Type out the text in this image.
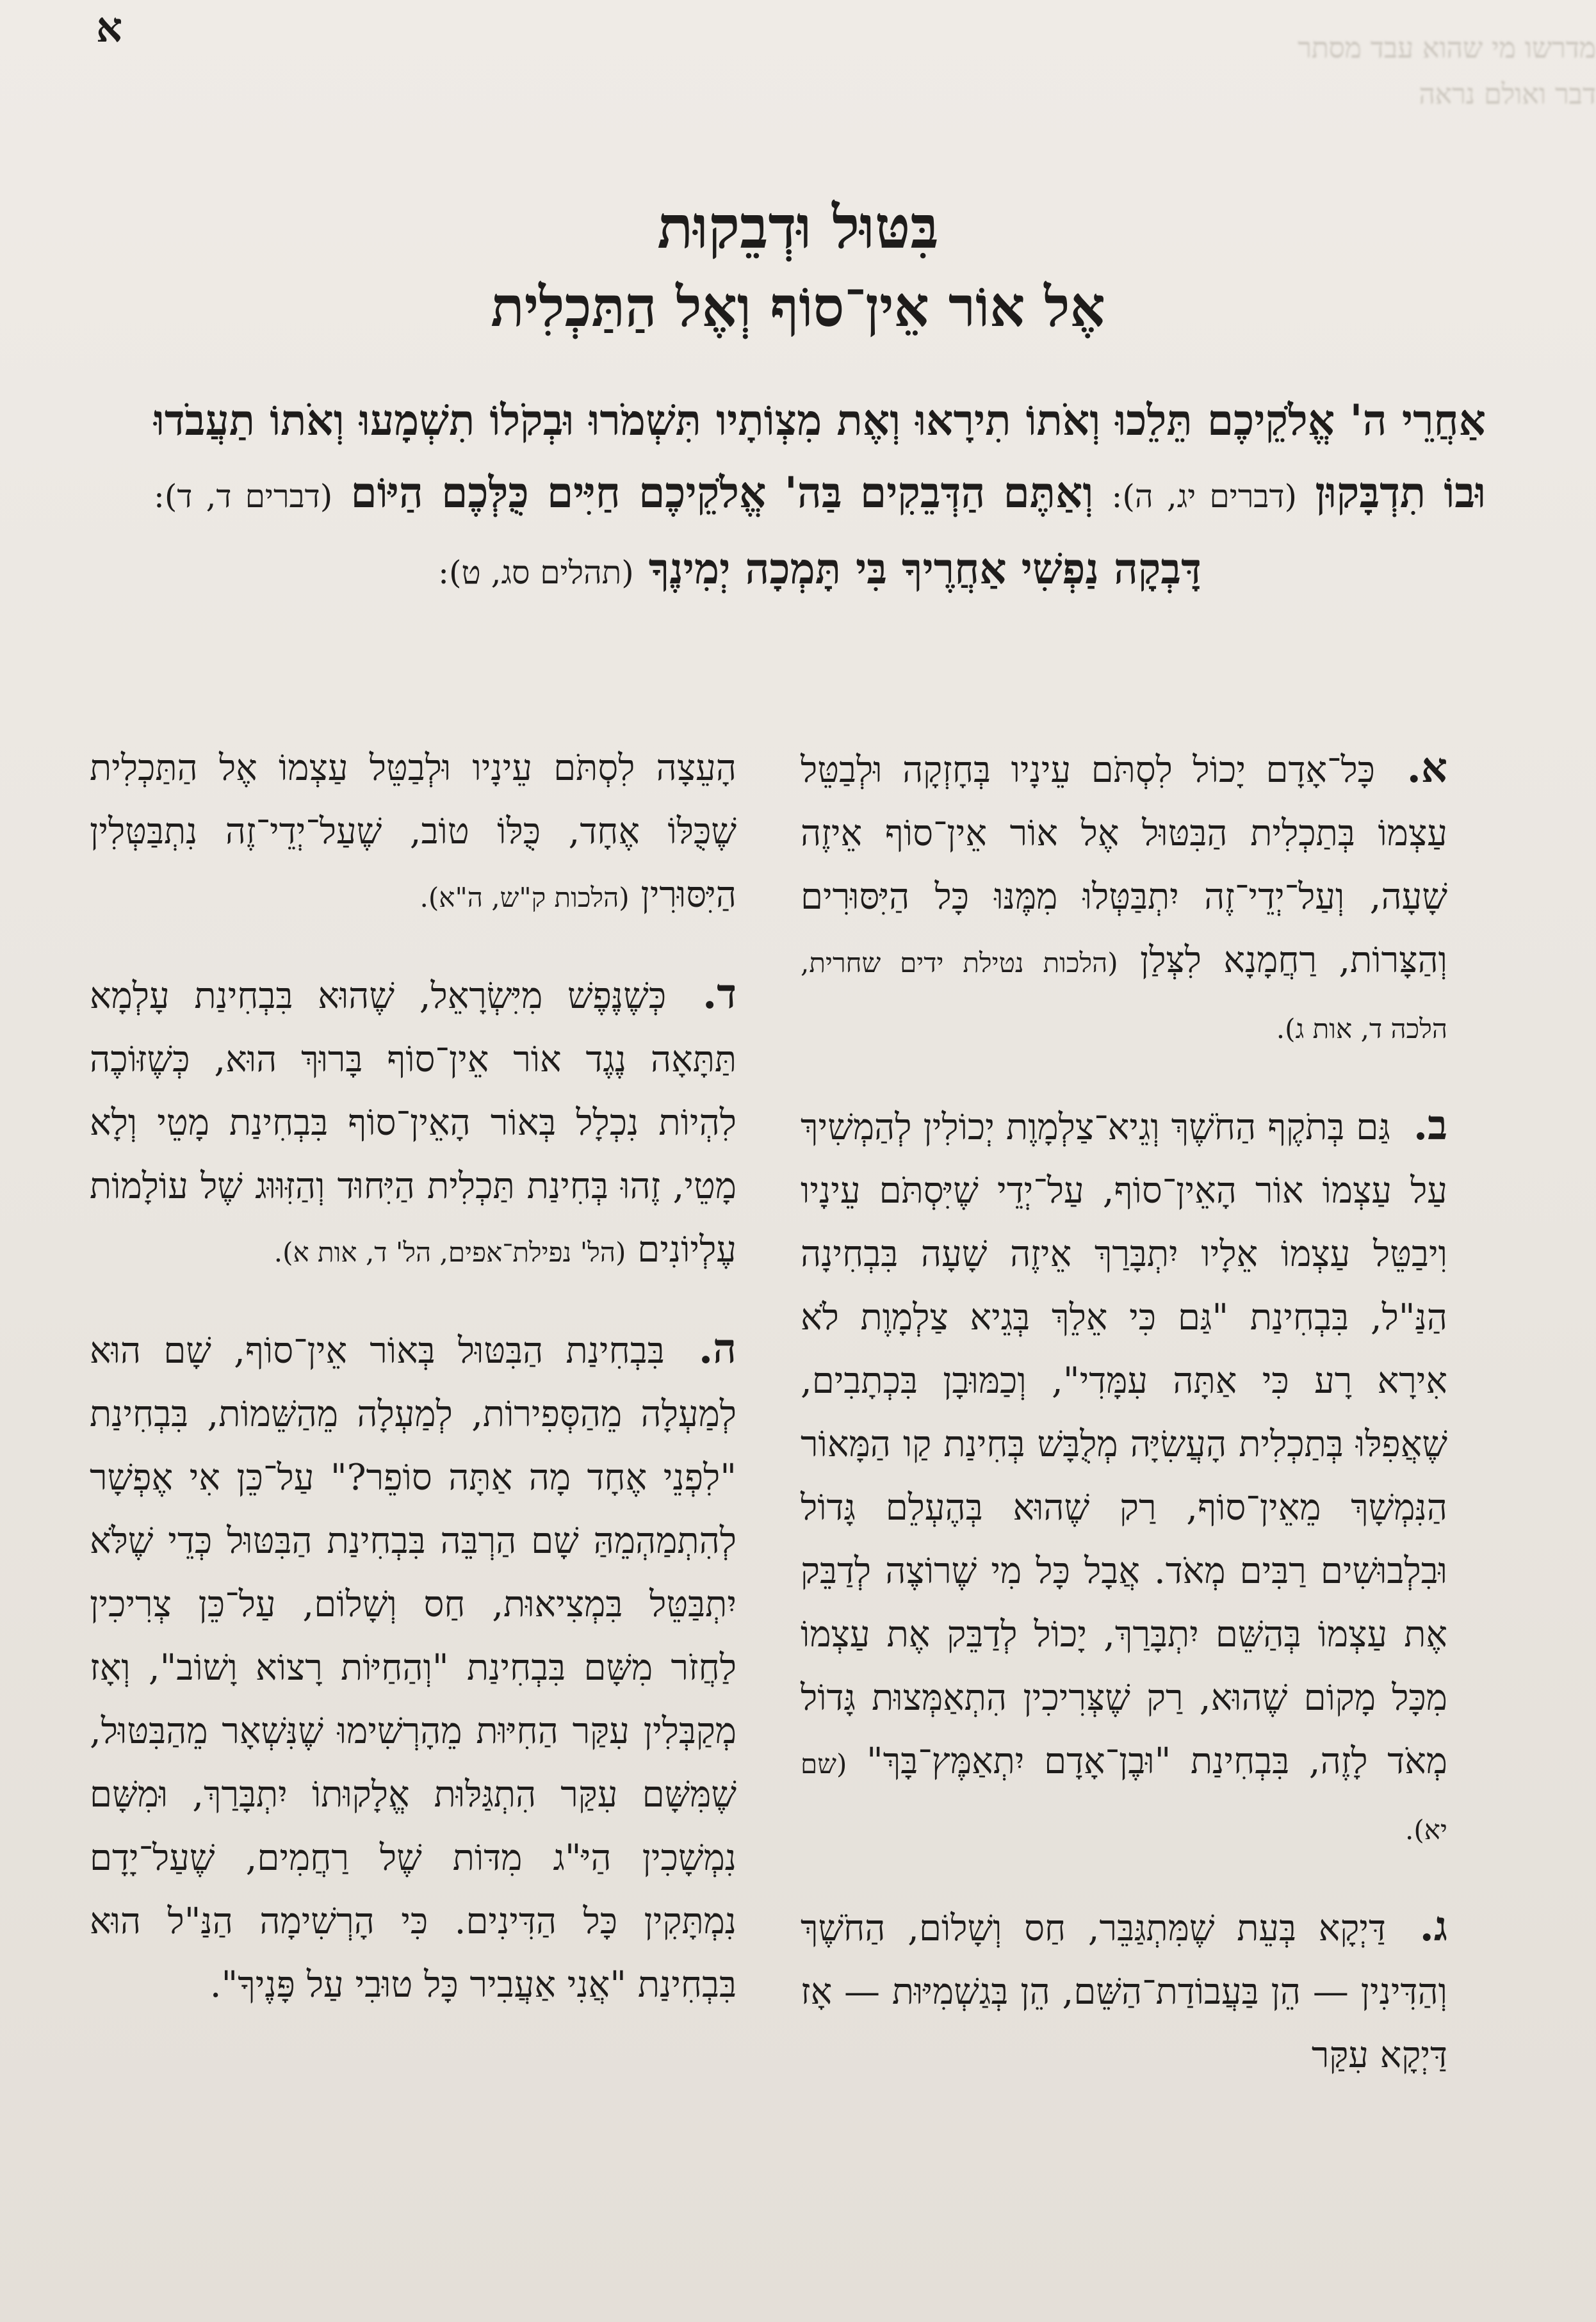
מדרשו מי שהוא עבד מסתר
דבר ואולם נראה
א
בִּטּוּל וּדְבֵקוּת
אֶל אוֹר אֵין־סוֹף וְאֶל הַתַּכְלִית
אַחֲרֵי ה' אֱלֹקֵיכֶם תֵּלֵכוּ וְאֹתוֹ תִירָאוּ וְאֶת מִצְוֹתָיו תִּשְׁמֹרוּ וּבְקֹלוֹ תִשְׁמָעוּ וְאֹתוֹ תַעֲבֹדוּ וּבוֹ תִדְבָּקוּן (דברים יג, ה): וְאַתֶּם הַדְּבֵקִים בַּה' אֱלֹקֵיכֶם חַיִּים כֻּלְּכֶם הַיּוֹם (דברים ד, ד): דָּבְקָה נַפְשִׁי אַחֲרֶיךָ בִּי תָּמְכָה יְמִינֶךָ (תהלים סג, ט):

א. כָּל־אָדָם יָכוֹל לִסְתֹּם עֵינָיו בְּחָזְקָה וּלְבַטֵּל עַצְמוֹ בְּתַכְלִית הַבִּטּוּל אֶל אוֹר אֵין־סוֹף אֵיזֶה שָׁעָה, וְעַל־יְדֵי־זֶה יִתְבַּטְּלוּ מִמֶּנּוּ כָּל הַיִּסּוּרִים וְהַצָּרוֹת, רַחֲמָנָא לִצְּלַן (הלכות נטילת ידים שחרית, הלכה ד, אות ג).

ב. גַּם בְּתֹקֶף הַחֹשֶׁךְ וְגֵיא־צַלְמָוֶת יְכוֹלִין לְהַמְשִׁיךְ עַל עַצְמוֹ אוֹר הָאֵין־סוֹף, עַל־יְדֵי שֶׁיִּסְתֹּם עֵינָיו וִיבַטֵּל עַצְמוֹ אֵלָיו יִתְבָּרַךְ אֵיזֶה שָׁעָה בִּבְחִינָה הַנַּ"ל, בִּבְחִינַת "גַּם כִּי אֵלֵךְ בְּגֵיא צַלְמָוֶת לֹא אִירָא רָע כִּי אַתָּה עִמָּדִי", וְכַמּוּבָן בִּכְתָבִים, שֶׁאֲפִלּוּ בְּתַכְלִית הָעֲשִׂיָּה מְלֻבָּשׁ בְּחִינַת קַו הַמָּאוֹר הַנִּמְשָׁךְ מֵאֵין־סוֹף, רַק שֶׁהוּא בְּהֶעְלֵם גָּדוֹל וּבִלְבוּשִׁים רַבִּים מְאֹד. אֲבָל כָּל מִי שֶׁרוֹצֶה לְדַבֵּק אֶת עַצְמוֹ בְּהַשֵּׁם יִתְבָּרַךְ, יָכוֹל לְדַבֵּק אֶת עַצְמוֹ מִכָּל מָקוֹם שֶׁהוּא, רַק שֶׁצְּרִיכִין הִתְאַמְּצוּת גָּדוֹל מְאֹד לָזֶה, בִּבְחִינַת "וּבֶן־אָדָם יִתְאַמֶּץ־בָּךְ" (שם יא).

ג. דַּיְקָא בְּעֵת שֶׁמִּתְגַּבֵּר, חַס וְשָׁלוֹם, הַחֹשֶׁךְ וְהַדִּינִין — הֵן בַּעֲבוֹדַת־הַשֵּׁם, הֵן בְּגַשְׁמִיּוּת — אָז דַּיְקָא עִקַּר

הָעֵצָה לִסְתֹּם עֵינָיו וּלְבַטֵּל עַצְמוֹ אֶל הַתַּכְלִית שֶׁכֻּלּוֹ אֶחָד, כֻּלּוֹ טוֹב, שֶׁעַל־יְדֵי־זֶה נִתְבַּטְּלִין הַיִּסּוּרִין (הלכות ק"ש, ה"א).

ד. כְּשֶׁנֶּפֶשׁ מִיִּשְׂרָאֵל, שֶׁהוּא בִּבְחִינַת עָלְמָא תַּתָּאָה נֶגֶד אוֹר אֵין־סוֹף בָּרוּךְ הוּא, כְּשֶׁזּוֹכֶה לִהְיוֹת נִכְלָל בְּאוֹר הָאֵין־סוֹף בִּבְחִינַת מָטֵי וְלָא מָטֵי, זֶהוּ בְּחִינַת תַּכְלִית הַיִּחוּד וְהַזִּוּוּג שֶׁל עוֹלָמוֹת עֶלְיוֹנִים (הל' נפילת־אפים, הל' ד, אות א).

ה. בִּבְחִינַת הַבִּטּוּל בְּאוֹר אֵין־סוֹף, שָׁם הוּא לְמַעְלָה מֵהַסְּפִירוֹת, לְמַעְלָה מֵהַשֵּׁמוֹת, בִּבְחִינַת "לִפְנֵי אֶחָד מָה אַתָּה סוֹפֵר?" עַל־כֵּן אִי אֶפְשָׁר לְהִתְמַהְמֵהַּ שָׁם הַרְבֵּה בִּבְחִינַת הַבִּטּוּל כְּדֵי שֶׁלֹּא יִתְבַּטֵּל בִּמְצִיאוּת, חַס וְשָׁלוֹם, עַל־כֵּן צְרִיכִין לַחֲזֹר מִשָּׁם בִּבְחִינַת "וְהַחַיּוֹת רָצוֹא וָשׁוֹב", וְאָז מְקַבְּלִין עִקַּר הַחִיּוּת מֵהָרְשִׁימוּ שֶׁנִּשְׁאָר מֵהַבִּטּוּל, שֶׁמִּשָּׁם עִקַּר הִתְגַּלּוּת אֱלָקוּתוֹ יִתְבָּרַךְ, וּמִשָּׁם נִמְשָׁכִין הַיּ"ג מִדּוֹת שֶׁל רַחֲמִים, שֶׁעַל־יָדָם נִמְתָּקִין כָּל הַדִּינִים. כִּי הָרְשִׁימָה הַנַּ"ל הוּא בִּבְחִינַת "אֲנִי אַעֲבִיר כָּל טוּבִי עַל פָּנֶיךָ".
